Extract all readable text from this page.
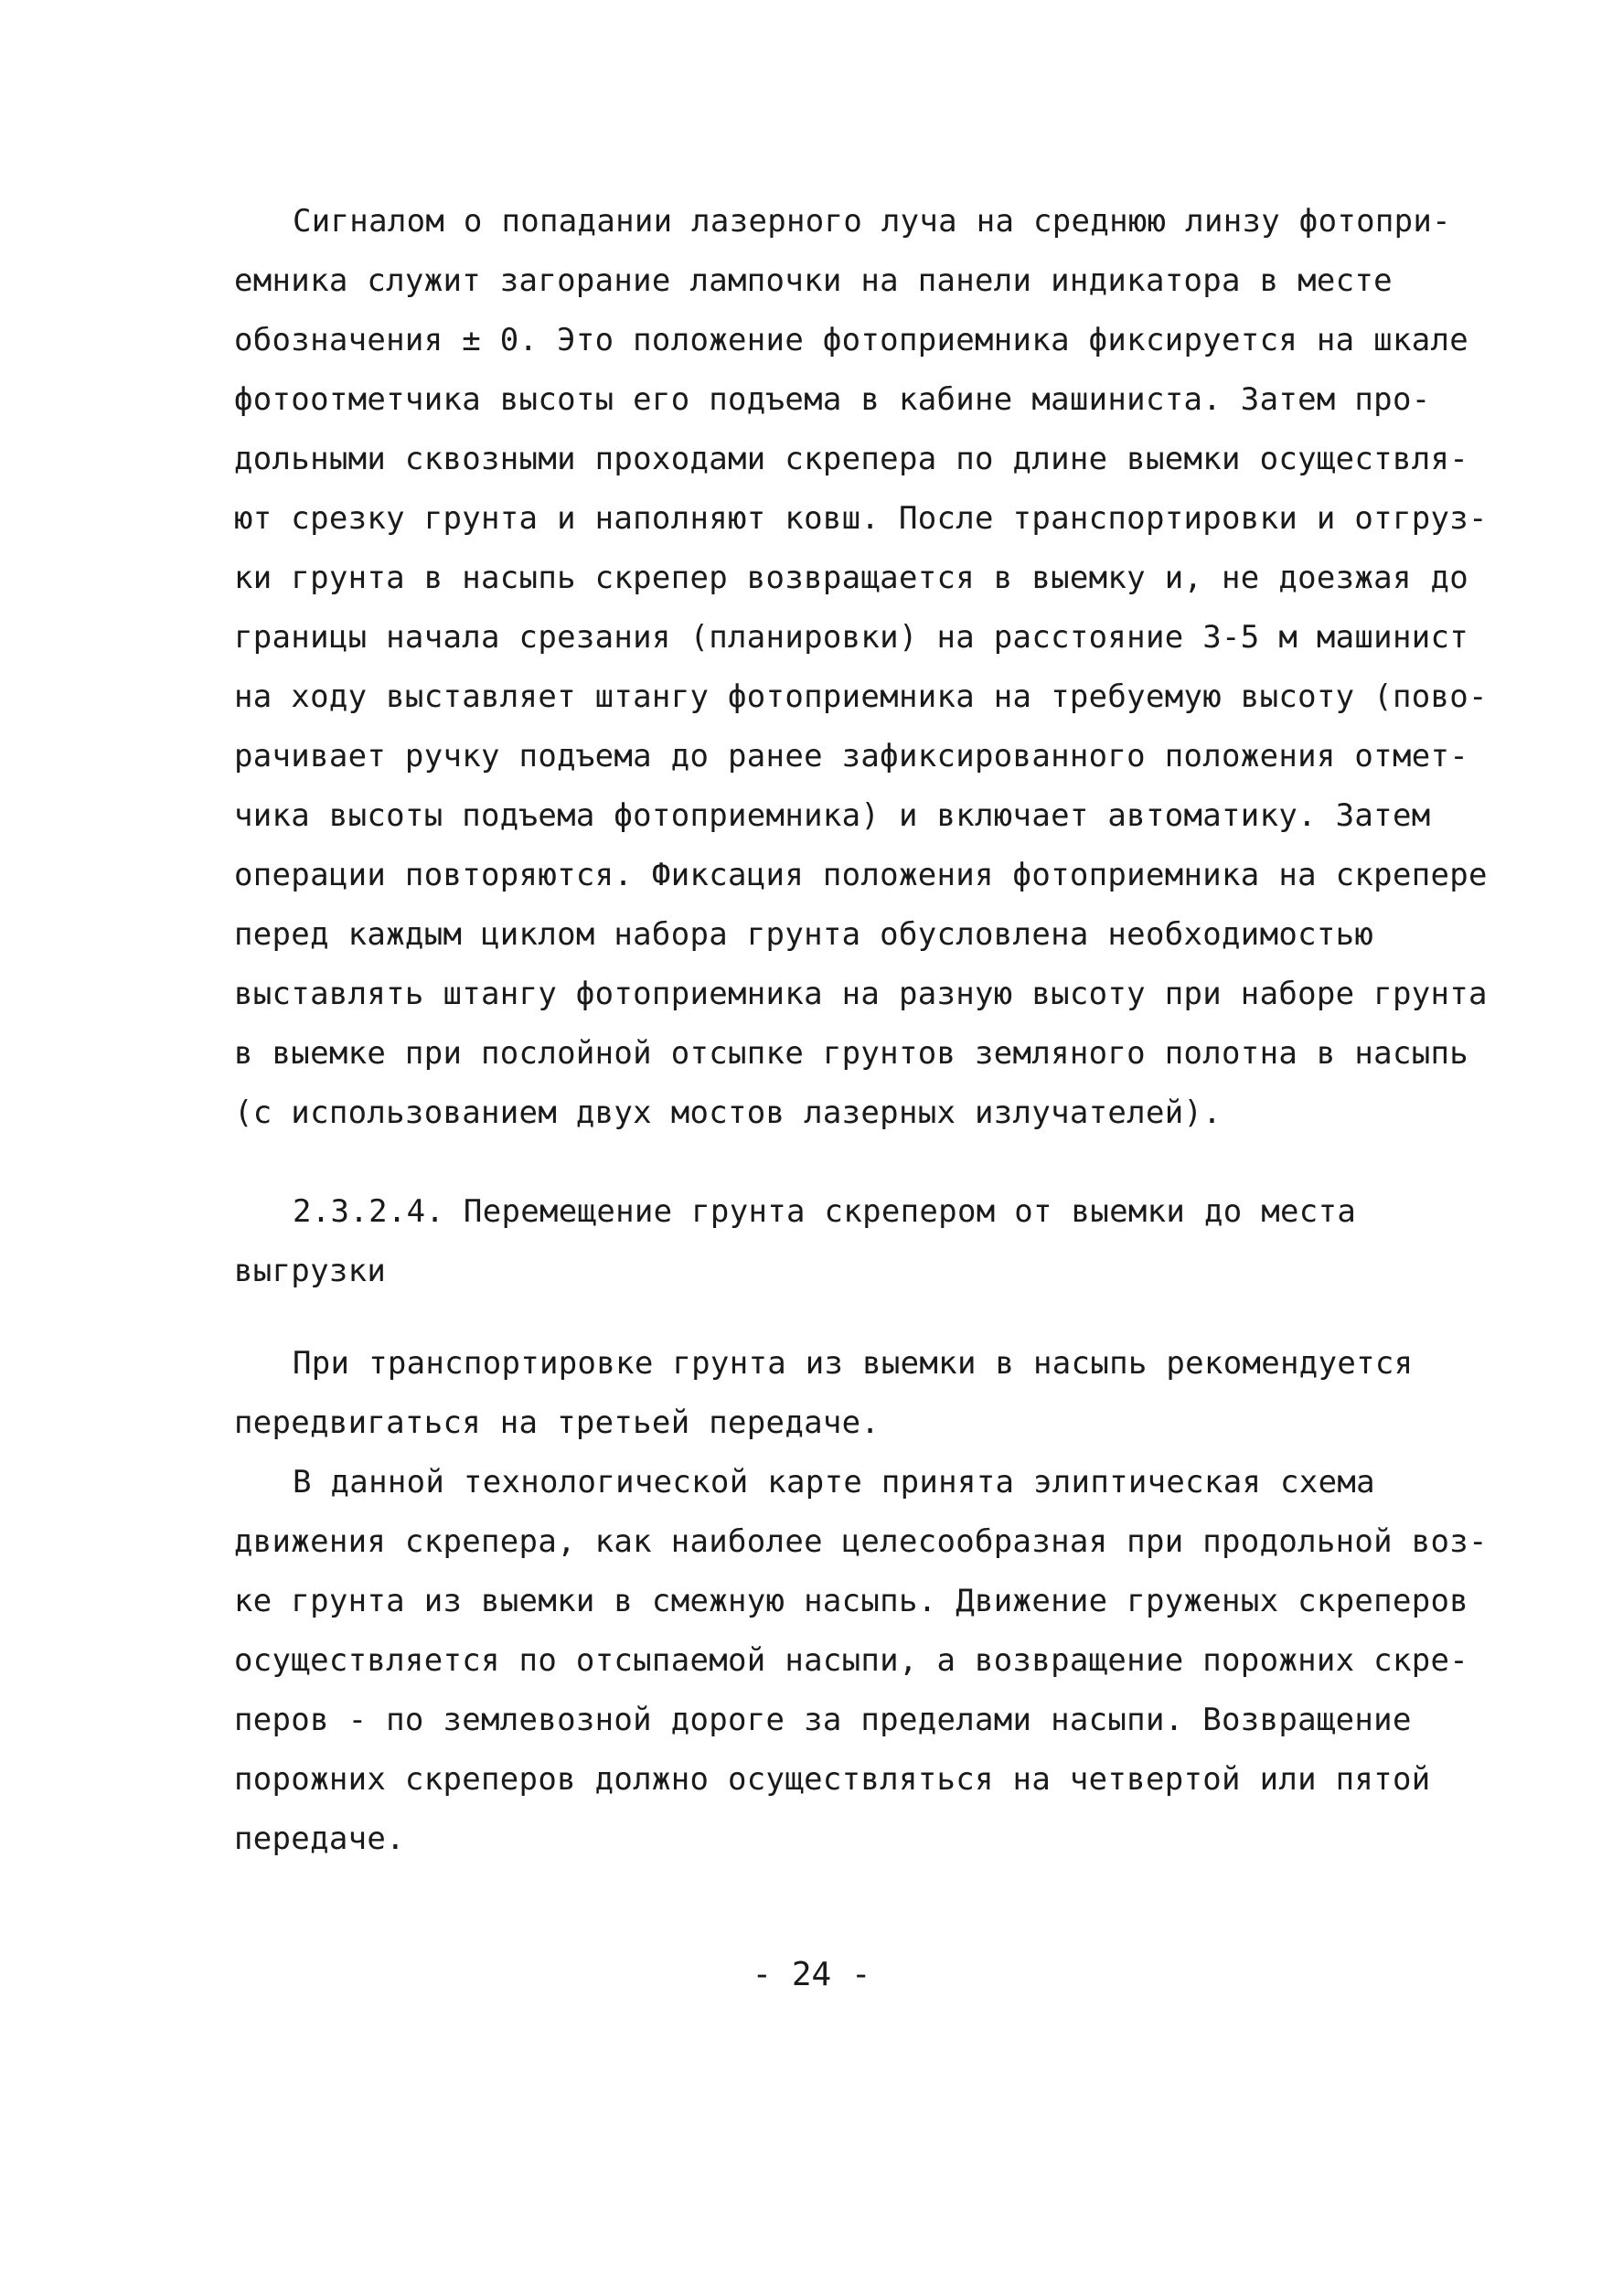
Сигналом о попадании лазерного луча на среднюю линзу фотопри-
емника служит загорание лампочки на панели индикатора в месте
обозначения ± 0. Это положение фотоприемника фиксируется на шкале
фотоотметчика высоты его подъема в кабине машиниста. Затем про-
дольными сквозными проходами скрепера по длине выемки осуществля-
ют срезку грунта и наполняют ковш. После транспортировки и отгруз-
ки грунта в насыпь скрепер возвращается в выемку и, не доезжая до
границы начала срезания (планировки) на расстояние 3-5 м машинист
на ходу выставляет штангу фотоприемника на требуемую высоту (пово-
рачивает ручку подъема до ранее зафиксированного положения отмет-
чика высоты подъема фотоприемника) и включает автоматику. Затем
операции повторяются. Фиксация положения фотоприемника на скрепере
перед каждым циклом набора грунта обусловлена необходимостью
выставлять штангу фотоприемника на разную высоту при наборе грунта
в выемке при послойной отсыпке грунтов земляного полотна в насыпь
(с использованием двух мостов лазерных излучателей).
2.3.2.4. Перемещение грунта скрепером от выемки до места
выгрузки
При транспортировке грунта из выемки в насыпь рекомендуется
передвигаться на третьей передаче.
В данной технологической карте принята элиптическая схема
движения скрепера, как наиболее целесообразная при продольной воз-
ке грунта из выемки в смежную насыпь. Движение груженых скреперов
осуществляется по отсыпаемой насыпи, а возвращение порожних скре-
перов - по землевозной дороге за пределами насыпи. Возвращение
порожних скреперов должно осуществляться на четвертой или пятой
передаче.
- 24 -
